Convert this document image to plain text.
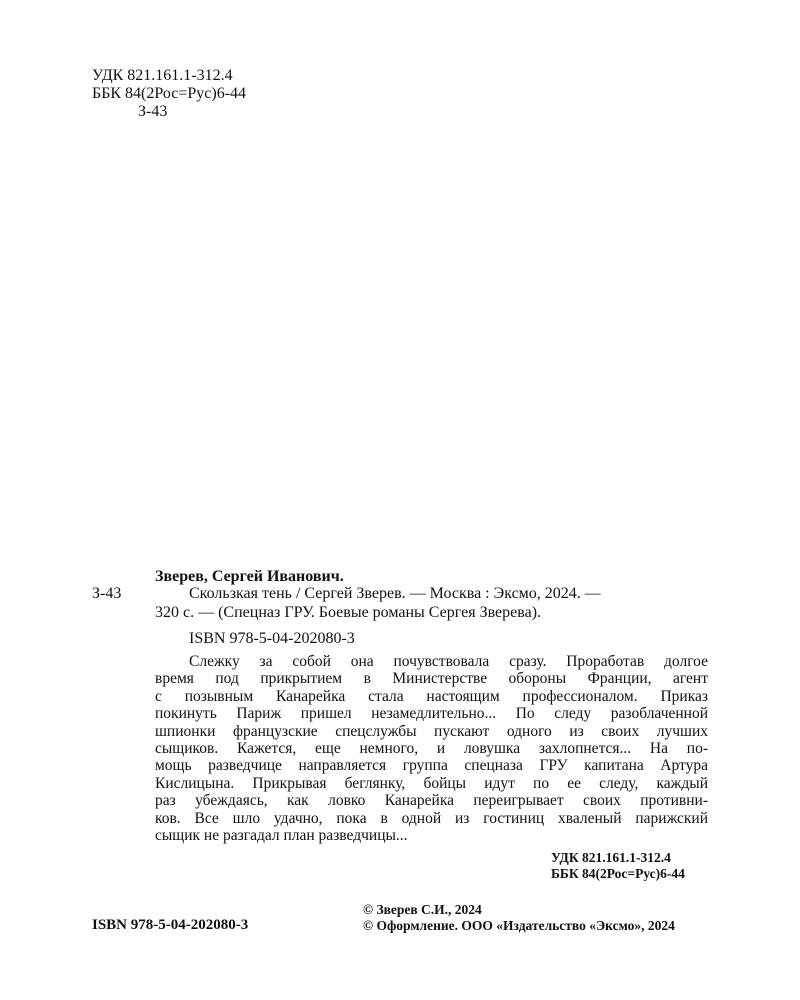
УДК 821.161.1-312.4
ББК 84(2Рос=Рус)6-44
З-43
Зверев, Сергей Иванович.
З-43	Скользкая тень / Сергей Зверев. — Москва : Эксмо, 2024. —
320 с. — (Спецназ ГРУ. Боевые романы Сергея Зверева).
ISBN 978-5-04-202080-3

Слежку за собой она почувствовала сразу. Проработав долгое

время под прикрытием в Министерстве обороны Франции, агент

с позывным Канарейка стала настоящим профессионалом. Приказ

покинуть Париж пришел незамедлительно... По следу разоблаченной

шпионки французские спецслужбы пускают одного из своих лучших

сыщиков. Кажется, еще немного, и ловушка захлопнется... На по-

мощь разведчице направляется группа спецназа ГРУ капитана Артура

Кислицына. Прикрывая беглянку, бойцы идут по ее следу, каждый

раз убеждаясь, как ловко Канарейка переигрывает своих противни-

ков. Все шло удачно, пока в одной из гостиниц хваленый парижский

сыщик не разгадал план разведчицы...

УДК 821.161.1-312.4
ББК 84(2Рос=Рус)6-44
ISBN 978-5-04-202080-3
© Зверев С.И., 2024
© Оформление. ООО «Издательство «Эксмо», 2024
